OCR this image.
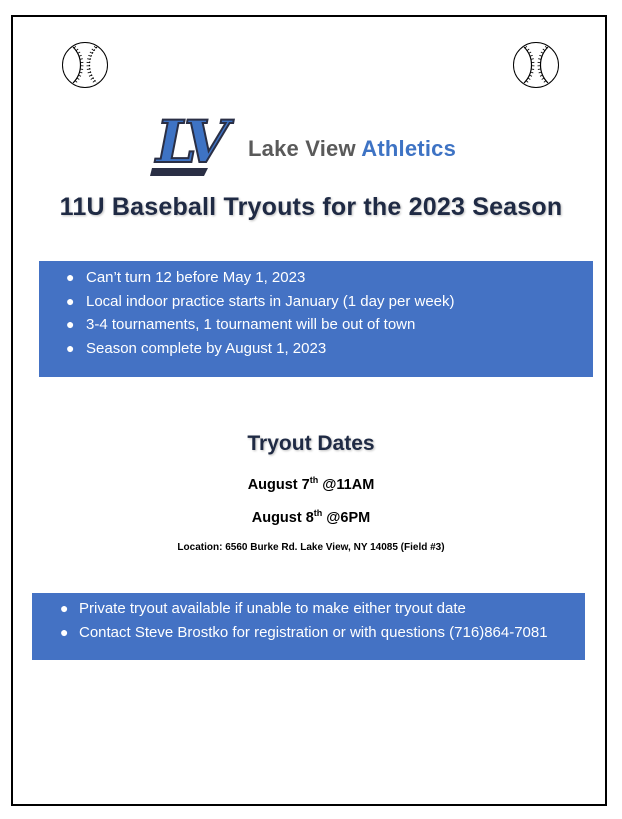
LV	Lake View Athletics
11U Baseball Tryouts for the 2023 Season
● Can’t turn 12 before May 1, 2023
● Local indoor practice starts in January (1 day per week)
● 3-4 tournaments, 1 tournament will be out of town
● Season complete by August 1, 2023
Tryout Dates
August 7th @11AM
August 8th @6PM
Location: 6560 Burke Rd. Lake View, NY 14085 (Field #3)
● Private tryout available if unable to make either tryout date
● Contact Steve Brostko for registration or with questions (716)864-7081
